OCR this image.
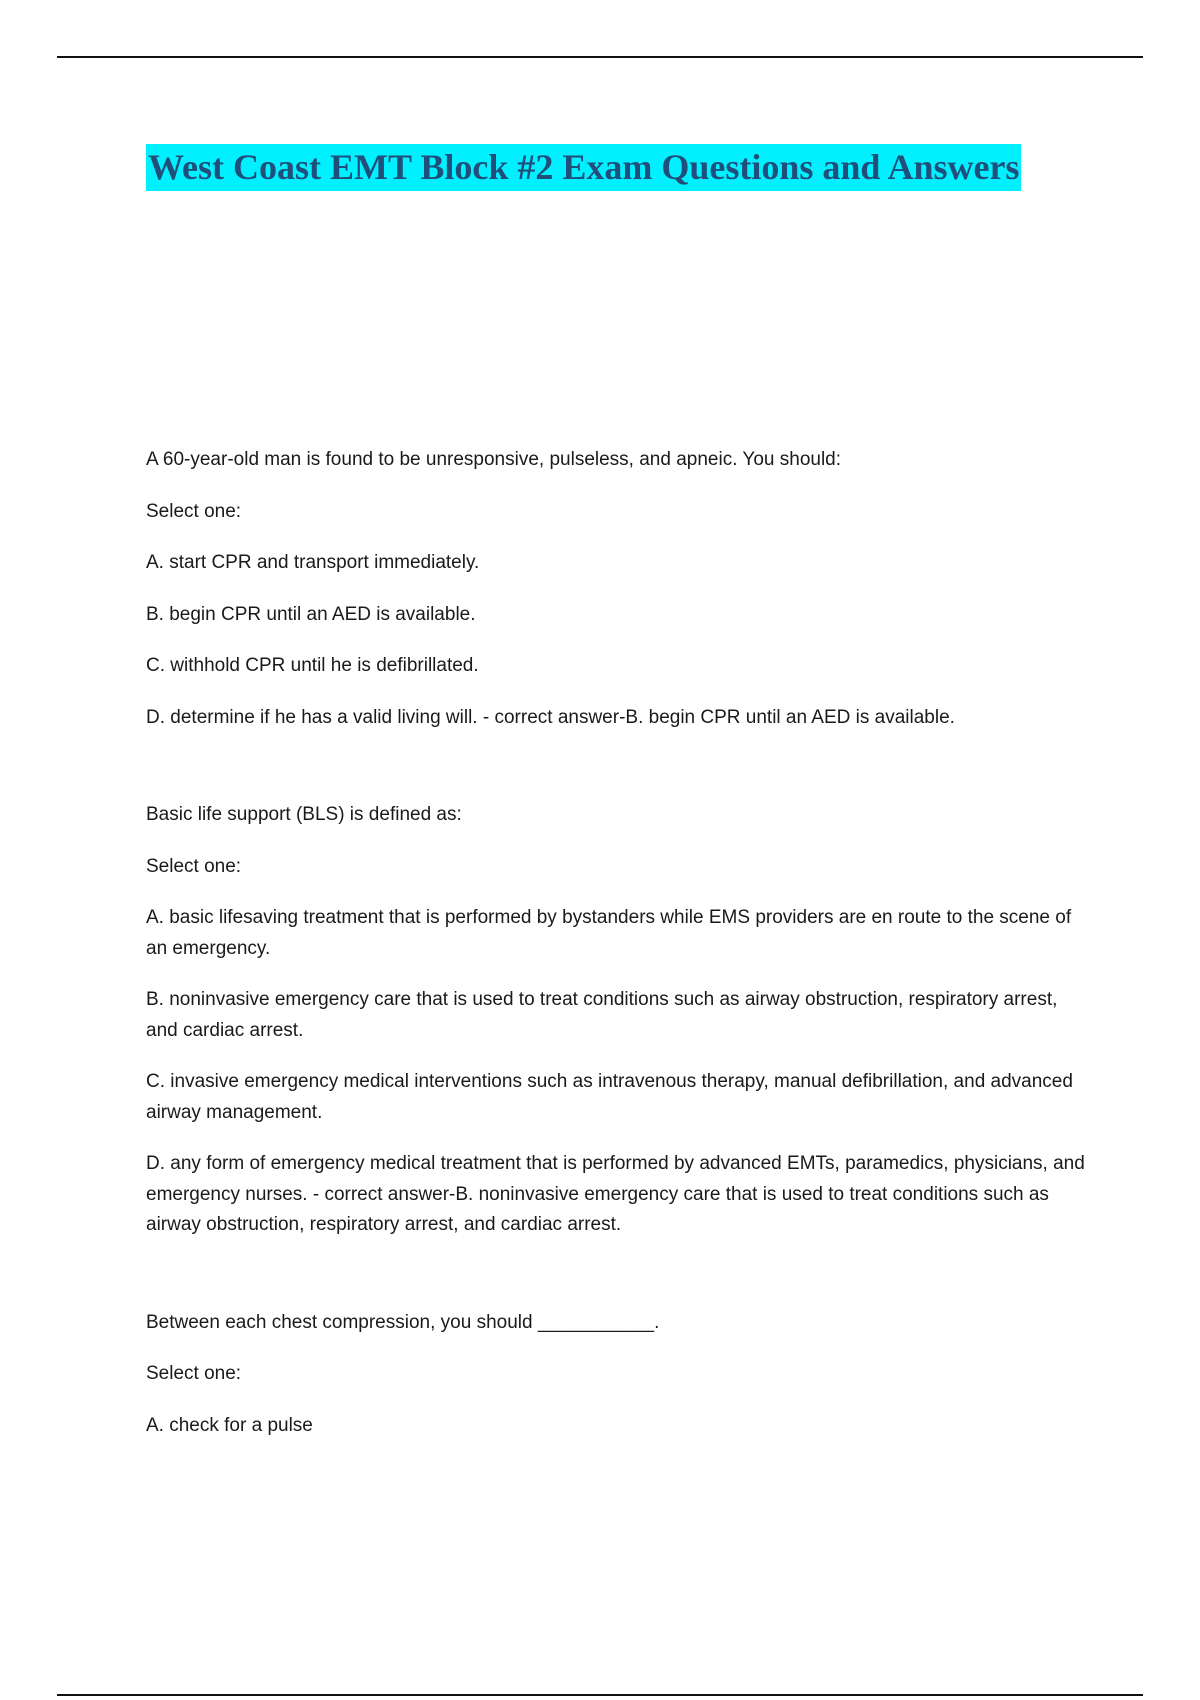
West Coast EMT Block #2 Exam Questions and Answers

A 60-year-old man is found to be unresponsive, pulseless, and apneic. You should:

Select one:

A. start CPR and transport immediately.

B. begin CPR until an AED is available.

C. withhold CPR until he is defibrillated.

D. determine if he has a valid living will. - correct answer-B. begin CPR until an AED is available.

Basic life support (BLS) is defined as:

Select one:

A. basic lifesaving treatment that is performed by bystanders while EMS providers are en route to the scene of an emergency.

B. noninvasive emergency care that is used to treat conditions such as airway obstruction, respiratory arrest, and cardiac arrest.

C. invasive emergency medical interventions such as intravenous therapy, manual defibrillation, and advanced airway management.

D. any form of emergency medical treatment that is performed by advanced EMTs, paramedics, physicians, and emergency nurses. - correct answer-B. noninvasive emergency care that is used to treat conditions such as airway obstruction, respiratory arrest, and cardiac arrest.

Between each chest compression, you should ___________.

Select one:

A. check for a pulse
